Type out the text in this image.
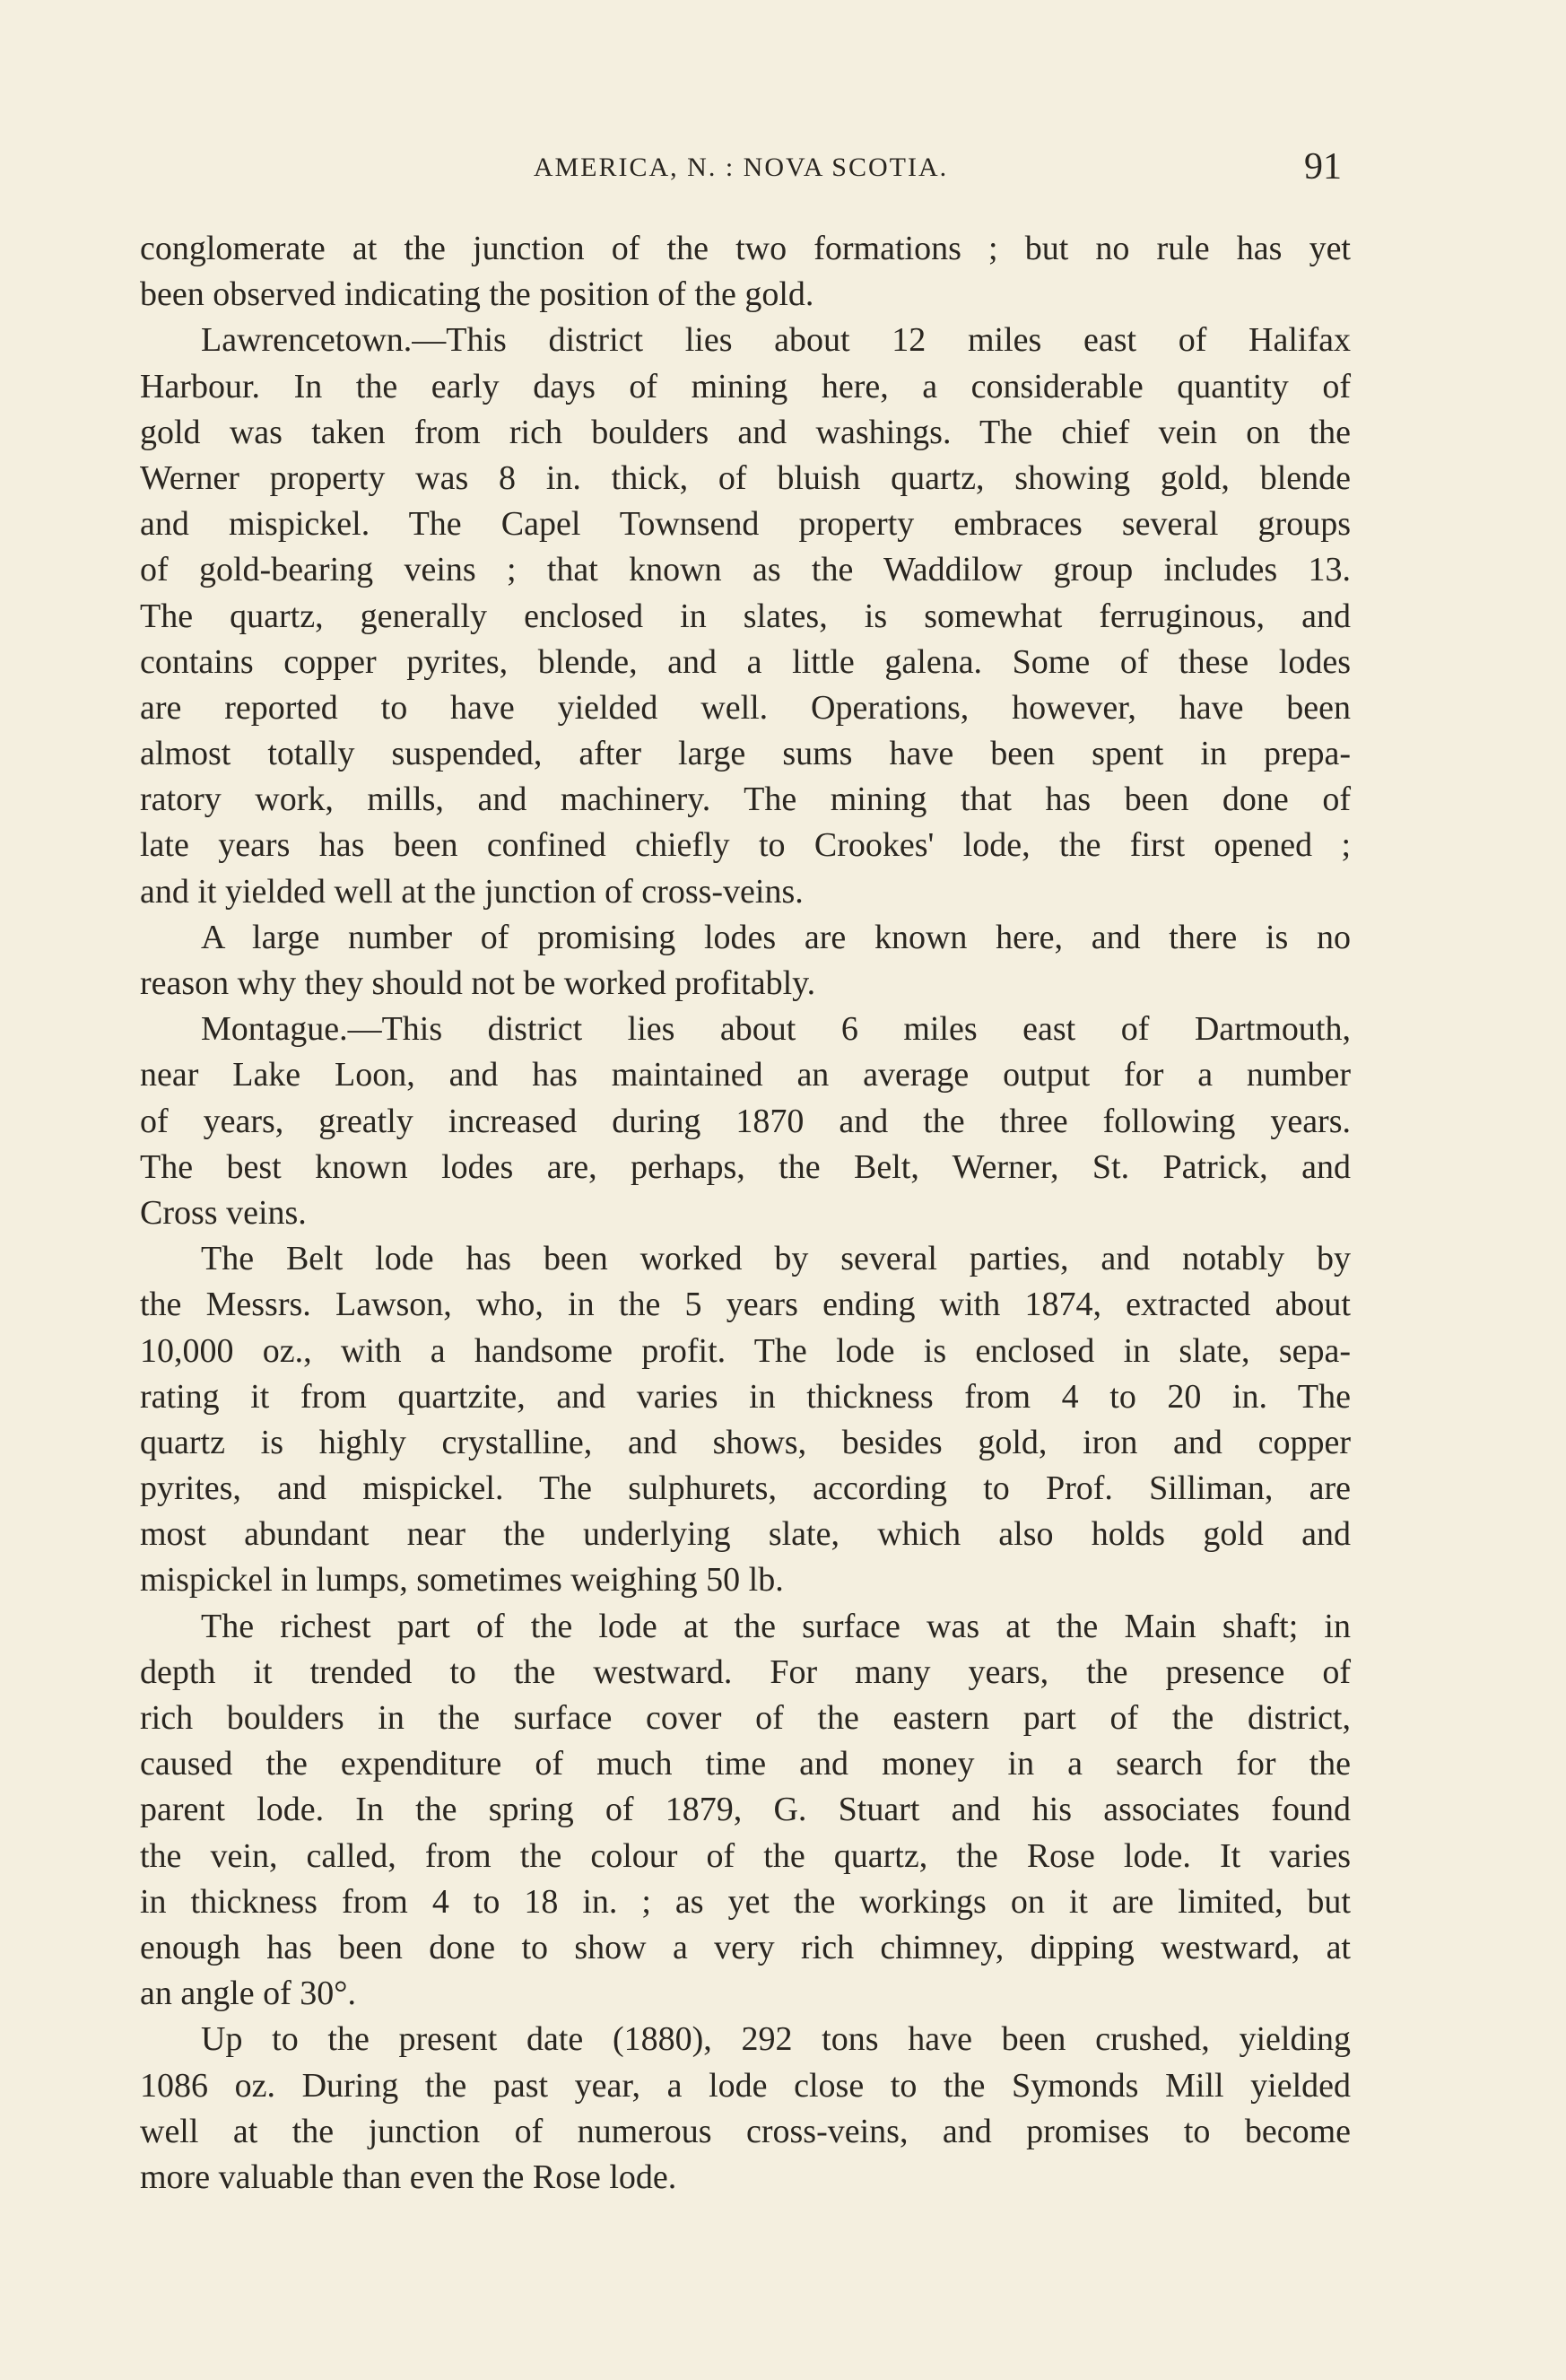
AMERICA, N. : NOVA SCOTIA.	91
conglomerate at the junction of the two formations ; but no rule has yet
been observed indicating the position of the gold.
Lawrencetown.—This district lies about 12 miles east of Halifax
Harbour. In the early days of mining here, a considerable quantity of
gold was taken from rich boulders and washings. The chief vein on the
Werner property was 8 in. thick, of bluish quartz, showing gold, blende
and mispickel. The Capel Townsend property embraces several groups
of gold-bearing veins ; that known as the Waddilow group includes 13.
The quartz, generally enclosed in slates, is somewhat ferruginous, and
contains copper pyrites, blende, and a little galena. Some of these lodes
are reported to have yielded well. Operations, however, have been
almost totally suspended, after large sums have been spent in prepa-
ratory work, mills, and machinery. The mining that has been done of
late years has been confined chiefly to Crookes' lode, the first opened ;
and it yielded well at the junction of cross-veins.
A large number of promising lodes are known here, and there is no
reason why they should not be worked profitably.
Montague.—This district lies about 6 miles east of Dartmouth,
near Lake Loon, and has maintained an average output for a number
of years, greatly increased during 1870 and the three following years.
The best known lodes are, perhaps, the Belt, Werner, St. Patrick, and
Cross veins.
The Belt lode has been worked by several parties, and notably by
the Messrs. Lawson, who, in the 5 years ending with 1874, extracted about
10,000 oz., with a handsome profit. The lode is enclosed in slate, sepa-
rating it from quartzite, and varies in thickness from 4 to 20 in. The
quartz is highly crystalline, and shows, besides gold, iron and copper
pyrites, and mispickel. The sulphurets, according to Prof. Silliman, are
most abundant near the underlying slate, which also holds gold and
mispickel in lumps, sometimes weighing 50 lb.
The richest part of the lode at the surface was at the Main shaft; in
depth it trended to the westward. For many years, the presence of
rich boulders in the surface cover of the eastern part of the district,
caused the expenditure of much time and money in a search for the
parent lode. In the spring of 1879, G. Stuart and his associates found
the vein, called, from the colour of the quartz, the Rose lode. It varies
in thickness from 4 to 18 in. ; as yet the workings on it are limited, but
enough has been done to show a very rich chimney, dipping westward, at
an angle of 30°.
Up to the present date (1880), 292 tons have been crushed, yielding
1086 oz. During the past year, a lode close to the Symonds Mill yielded
well at the junction of numerous cross-veins, and promises to become
more valuable than even the Rose lode.
